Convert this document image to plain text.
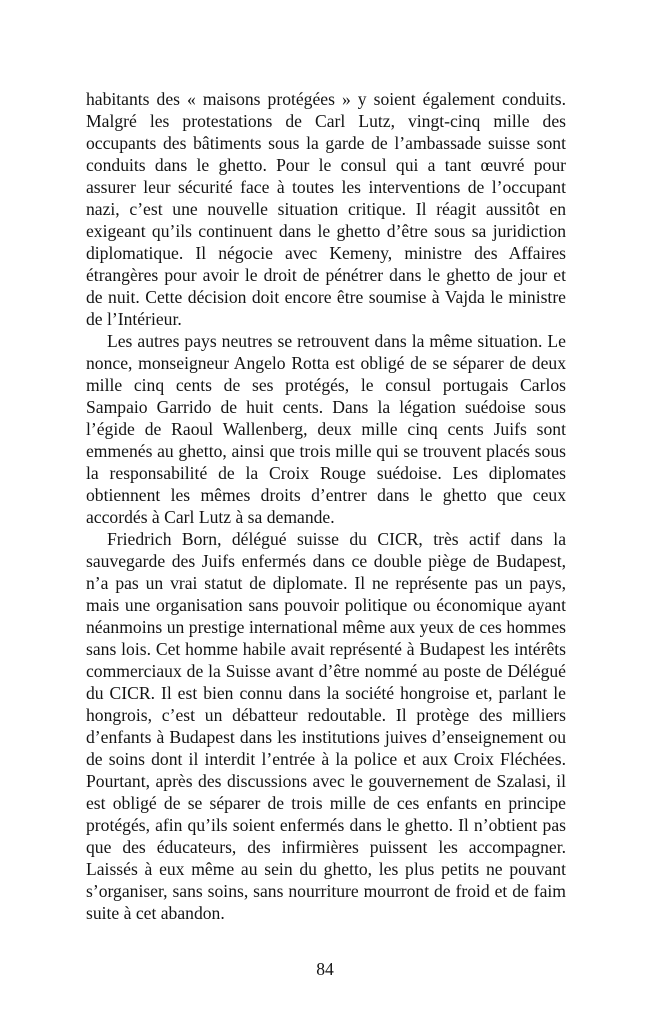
habitants des « maisons protégées » y soient également conduits. Malgré les protestations de Carl Lutz, vingt-cinq mille des occupants des bâtiments sous la garde de l’ambassade suisse sont conduits dans le ghetto. Pour le consul qui a tant œuvré pour assurer leur sécurité face à toutes les interventions de l’occupant nazi, c’est une nouvelle situation critique. Il réagit aussitôt en exigeant qu’ils continuent dans le ghetto d’être sous sa juridiction diplomatique. Il négocie avec Kemeny, ministre des Affaires étrangères pour avoir le droit de pénétrer dans le ghetto de jour et de nuit. Cette décision doit encore être soumise à Vajda le ministre de l’Intérieur.

Les autres pays neutres se retrouvent dans la même situation. Le nonce, monseigneur Angelo Rotta est obligé de se séparer de deux mille cinq cents de ses protégés, le consul portugais Carlos Sampaio Garrido de huit cents. Dans la légation suédoise sous l’égide de Raoul Wallenberg, deux mille cinq cents Juifs sont emmenés au ghetto, ainsi que trois mille qui se trouvent placés sous la responsabilité de la Croix Rouge suédoise. Les diplomates obtiennent les mêmes droits d’entrer dans le ghetto que ceux accordés à Carl Lutz à sa demande.

Friedrich Born, délégué suisse du CICR, très actif dans la sauvegarde des Juifs enfermés dans ce double piège de Budapest, n’a pas un vrai statut de diplomate. Il ne représente pas un pays, mais une organisation sans pouvoir politique ou économique ayant néanmoins un prestige international même aux yeux de ces hommes sans lois. Cet homme habile avait représenté à Budapest les intérêts commerciaux de la Suisse avant d’être nommé au poste de Délégué du CICR. Il est bien connu dans la société hongroise et, parlant le hongrois, c’est un débatteur redoutable. Il protège des milliers d’enfants à Budapest dans les institutions juives d’enseignement ou de soins dont il interdit l’entrée à la police et aux Croix Fléchées. Pourtant, après des discussions avec le gouvernement de Szalasi, il est obligé de se séparer de trois mille de ces enfants en principe protégés, afin qu’ils soient enfermés dans le ghetto. Il n’obtient pas que des éducateurs, des infirmières puissent les accompagner. Laissés à eux même au sein du ghetto, les plus petits ne pouvant s’organiser, sans soins, sans nourriture mourront de froid et de faim suite à cet abandon.

84
